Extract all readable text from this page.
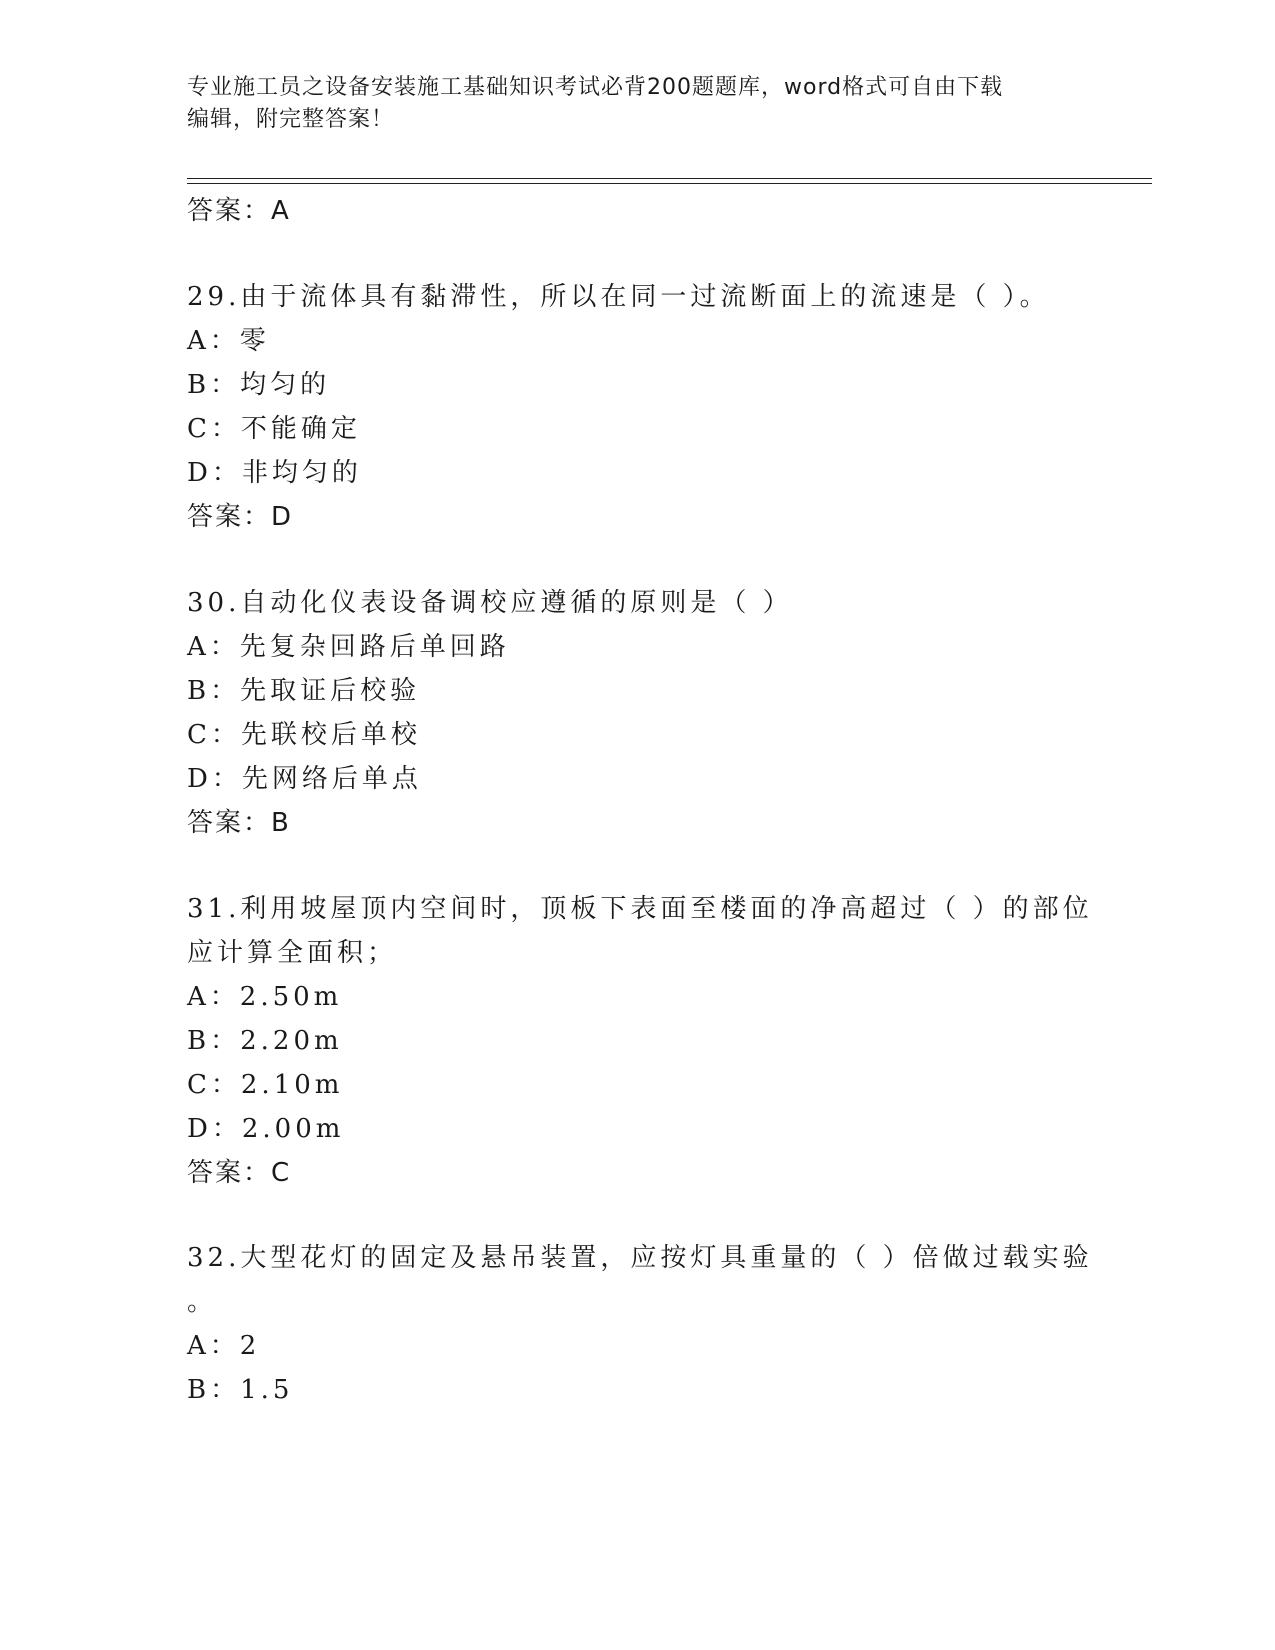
专业施工员之设备安装施工基础知识考试必背200题题库，word格式可自由下载
编辑，附完整答案！
答案：A
29.由于流体具有黏滞性，所以在同一过流断面上的流速是（ ）。
A：零
B：均匀的
C：不能确定
D：非均匀的
答案：D
30.自动化仪表设备调校应遵循的原则是（ ）
A：先复杂回路后单回路
B：先取证后校验
C：先联校后单校
D：先网络后单点
答案：B
31.利用坡屋顶内空间时，顶板下表面至楼面的净高超过（ ）的部位
应计算全面积；
A：2.50m
B：2.20m
C：2.10m
D：2.00m
答案：C
32.大型花灯的固定及悬吊装置，应按灯具重量的（ ）倍做过载实验
。
A：2
B：1.5
